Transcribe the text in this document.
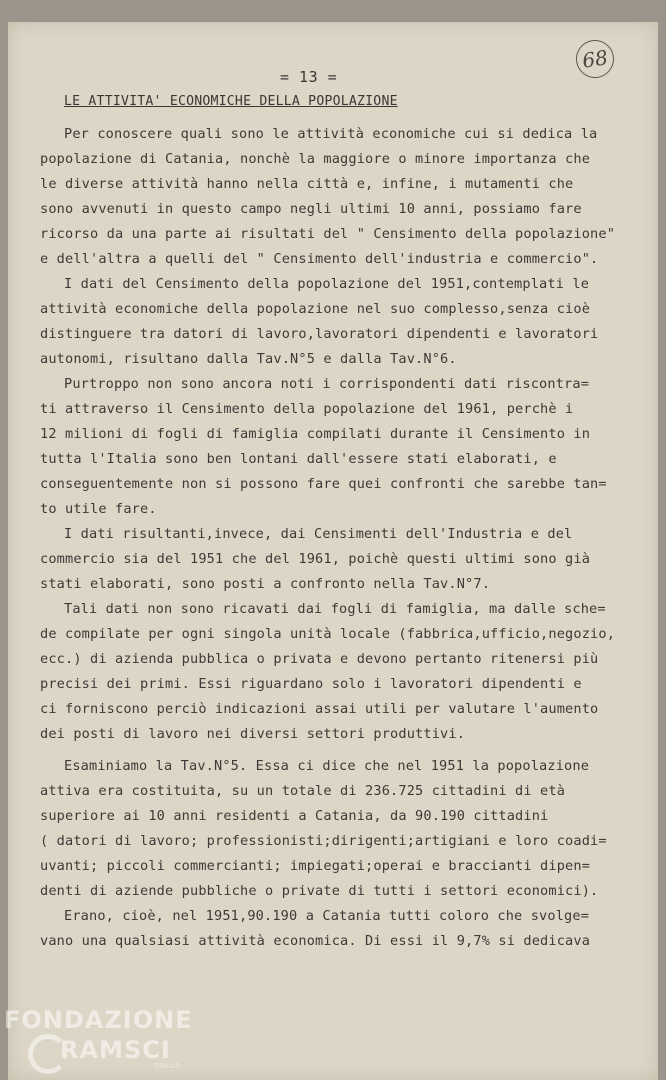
68
= 13 =
LE ATTIVITA' ECONOMICHE DELLA POPOLAZIONE
Per conoscere quali sono le attività economiche cui si dedica la
popolazione di Catania, nonchè la maggiore o minore importanza che
le diverse attività hanno nella città e, infine, i mutamenti che
sono avvenuti in questo campo negli ultimi 10 anni, possiamo fare
ricorso da una parte ai risultati del " Censimento della popolazione"
e dell'altra a quelli del " Censimento dell'industria e commercio".
I dati del Censimento della popolazione del 1951,contemplati le
attività economiche della popolazione nel suo complesso,senza cioè
distinguere tra datori di lavoro,lavoratori dipendenti e lavoratori
autonomi, risultano dalla Tav.N°5 e dalla Tav.N°6.
Purtroppo non sono ancora noti i corrispondenti dati riscontra=
ti attraverso il Censimento della popolazione del 1961, perchè i
12 milioni di fogli di famiglia compilati durante il Censimento in
tutta l'Italia sono ben lontani dall'essere stati elaborati, e
conseguentemente non si possono fare quei confronti che sarebbe tan=
to utile fare.
I dati risultanti,invece, dai Censimenti dell'Industria e del
commercio sia del 1951 che del 1961, poichè questi ultimi sono già
stati elaborati, sono posti a confronto nella Tav.N°7.
Tali dati non sono ricavati dai fogli di famiglia, ma dalle sche=
de compilate per ogni singola unità locale (fabbrica,ufficio,negozio,
ecc.) di azienda pubblica o privata e devono pertanto ritenersi più
precisi dei primi. Essi riguardano solo i lavoratori dipendenti e
ci forniscono perciò indicazioni assai utili per valutare l'aumento
dei posti di lavoro nei diversi settori produttivi.
Esaminiamo la Tav.N°5. Essa ci dice che nel 1951 la popolazione
attiva era costituita, su un totale di 236.725 cittadini di età
superiore ai 10 anni residenti a Catania, da 90.190 cittadini
( datori di lavoro; professionisti;dirigenti;artigiani e loro coadi=
uvanti; piccoli commercianti; impiegati;operai e braccianti dipen=
denti di aziende pubbliche o private di tutti i settori economici).
Erano, cioè, nel 1951,90.190 a Catania tutti coloro che svolge=
vano una qualsiasi attività economica. Di essi il 9,7% si dedicava
FONDAZIONE
RAMSCI
ONLUS
